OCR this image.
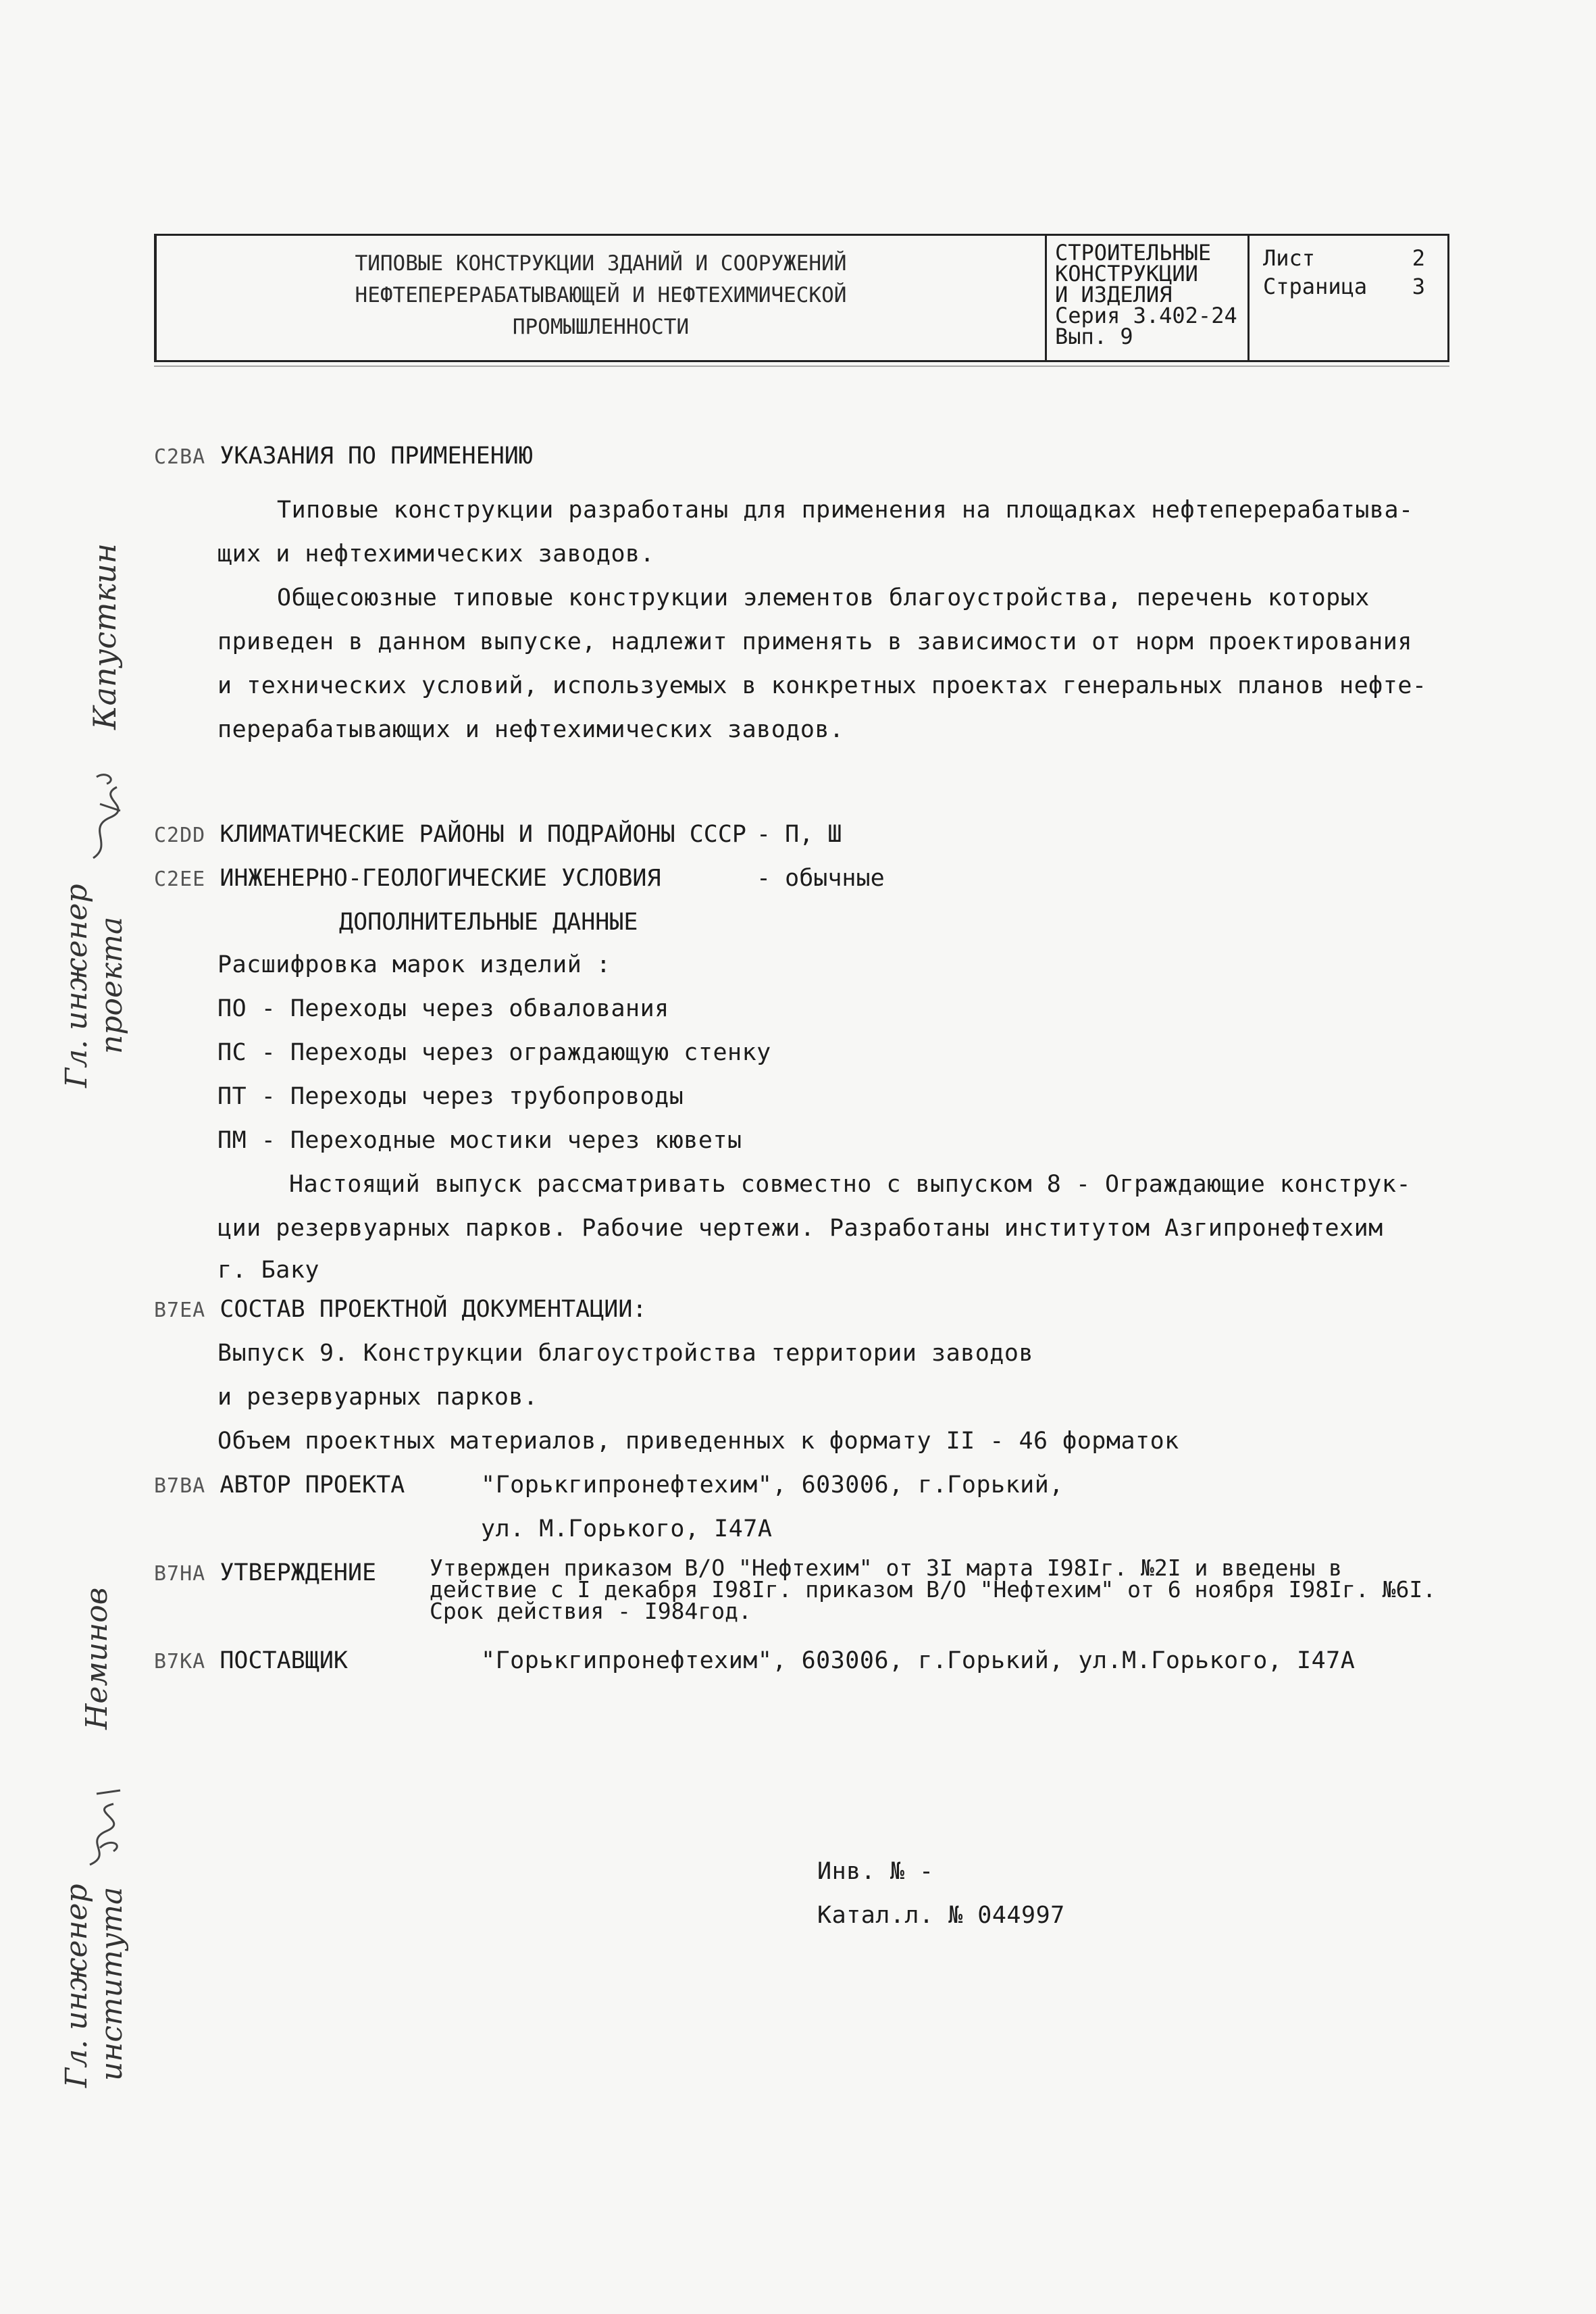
ТИПОВЫЕ КОНСТРУКЦИИ ЗДАНИЙ И СООРУЖЕНИЙ
НЕФТЕПЕРЕРАБАТЫВАЮЩЕЙ И НЕФТЕХИМИЧЕСКОЙ
ПРОМЫШЛЕННОСТИ
СТРОИТЕЛЬНЫЕ
КОНСТРУКЦИИ
И ИЗДЕЛИЯ
Серия 3.402-24
Вып. 9
Лист	2
Страница	3
C2ВА УКАЗАНИЯ ПО ПРИМЕНЕНИЮ
Типовые конструкции разработаны для применения на площадках нефтеперерабатыва-
щих и нефтехимических заводов.
Общесоюзные типовые конструкции элементов благоустройства, перечень которых
приведен в данном выпуске, надлежит применять в зависимости от норм проектирования
и технических условий, используемых в конкретных проектах генеральных планов нефте-
перерабатывающих и нефтехимических заводов.
C2DD КЛИМАТИЧЕСКИЕ РАЙОНЫ И ПОДРАЙОНЫ СССР - П, Ш
C2ЕЕ ИНЖЕНЕРНО-ГЕОЛОГИЧЕСКИЕ УСЛОВИЯ	- обычные
ДОПОЛНИТЕЛЬНЫЕ ДАННЫЕ
Расшифровка марок изделий :
ПО - Переходы через обвалования
ПС - Переходы через ограждающую стенку
ПТ - Переходы через трубопроводы
ПМ - Переходные мостики через кюветы
Настоящий выпуск рассматривать совместно с выпуском 8 - Ограждающие конструк-
ции резервуарных парков. Рабочие чертежи. Разработаны институтом Азгипронефтехим
г. Баку
В7ЕА СОСТАВ ПРОЕКТНОЙ ДОКУМЕНТАЦИИ:
Выпуск 9. Конструкции благоустройства территории заводов
и резервуарных парков.
Объем проектных материалов, приведенных к формату II - 46 форматок
В7ВА АВТОР ПРОЕКТА	"Горькгипронефтехим", 603006, г.Горький,
ул. М.Горького, I47А
В7НА УТВЕРЖДЕНИЕ Утвержден приказом В/О "Нефтехим" от 3I марта I98Iг. №2I и введены в
действие с I декабря I98Iг. приказом В/О "Нефтехим" от 6 ноября I98Iг. №6I.
Срок действия - I984год.
В7КА ПОСТАВЩИК	"Горькгипронефтехим", 603006, г.Горький, ул.М.Горького, I47А
Инв. № -
Катал.л. № 044997
Капусткин
Гл. инженер проекта
Неминов
Гл. инженер института
